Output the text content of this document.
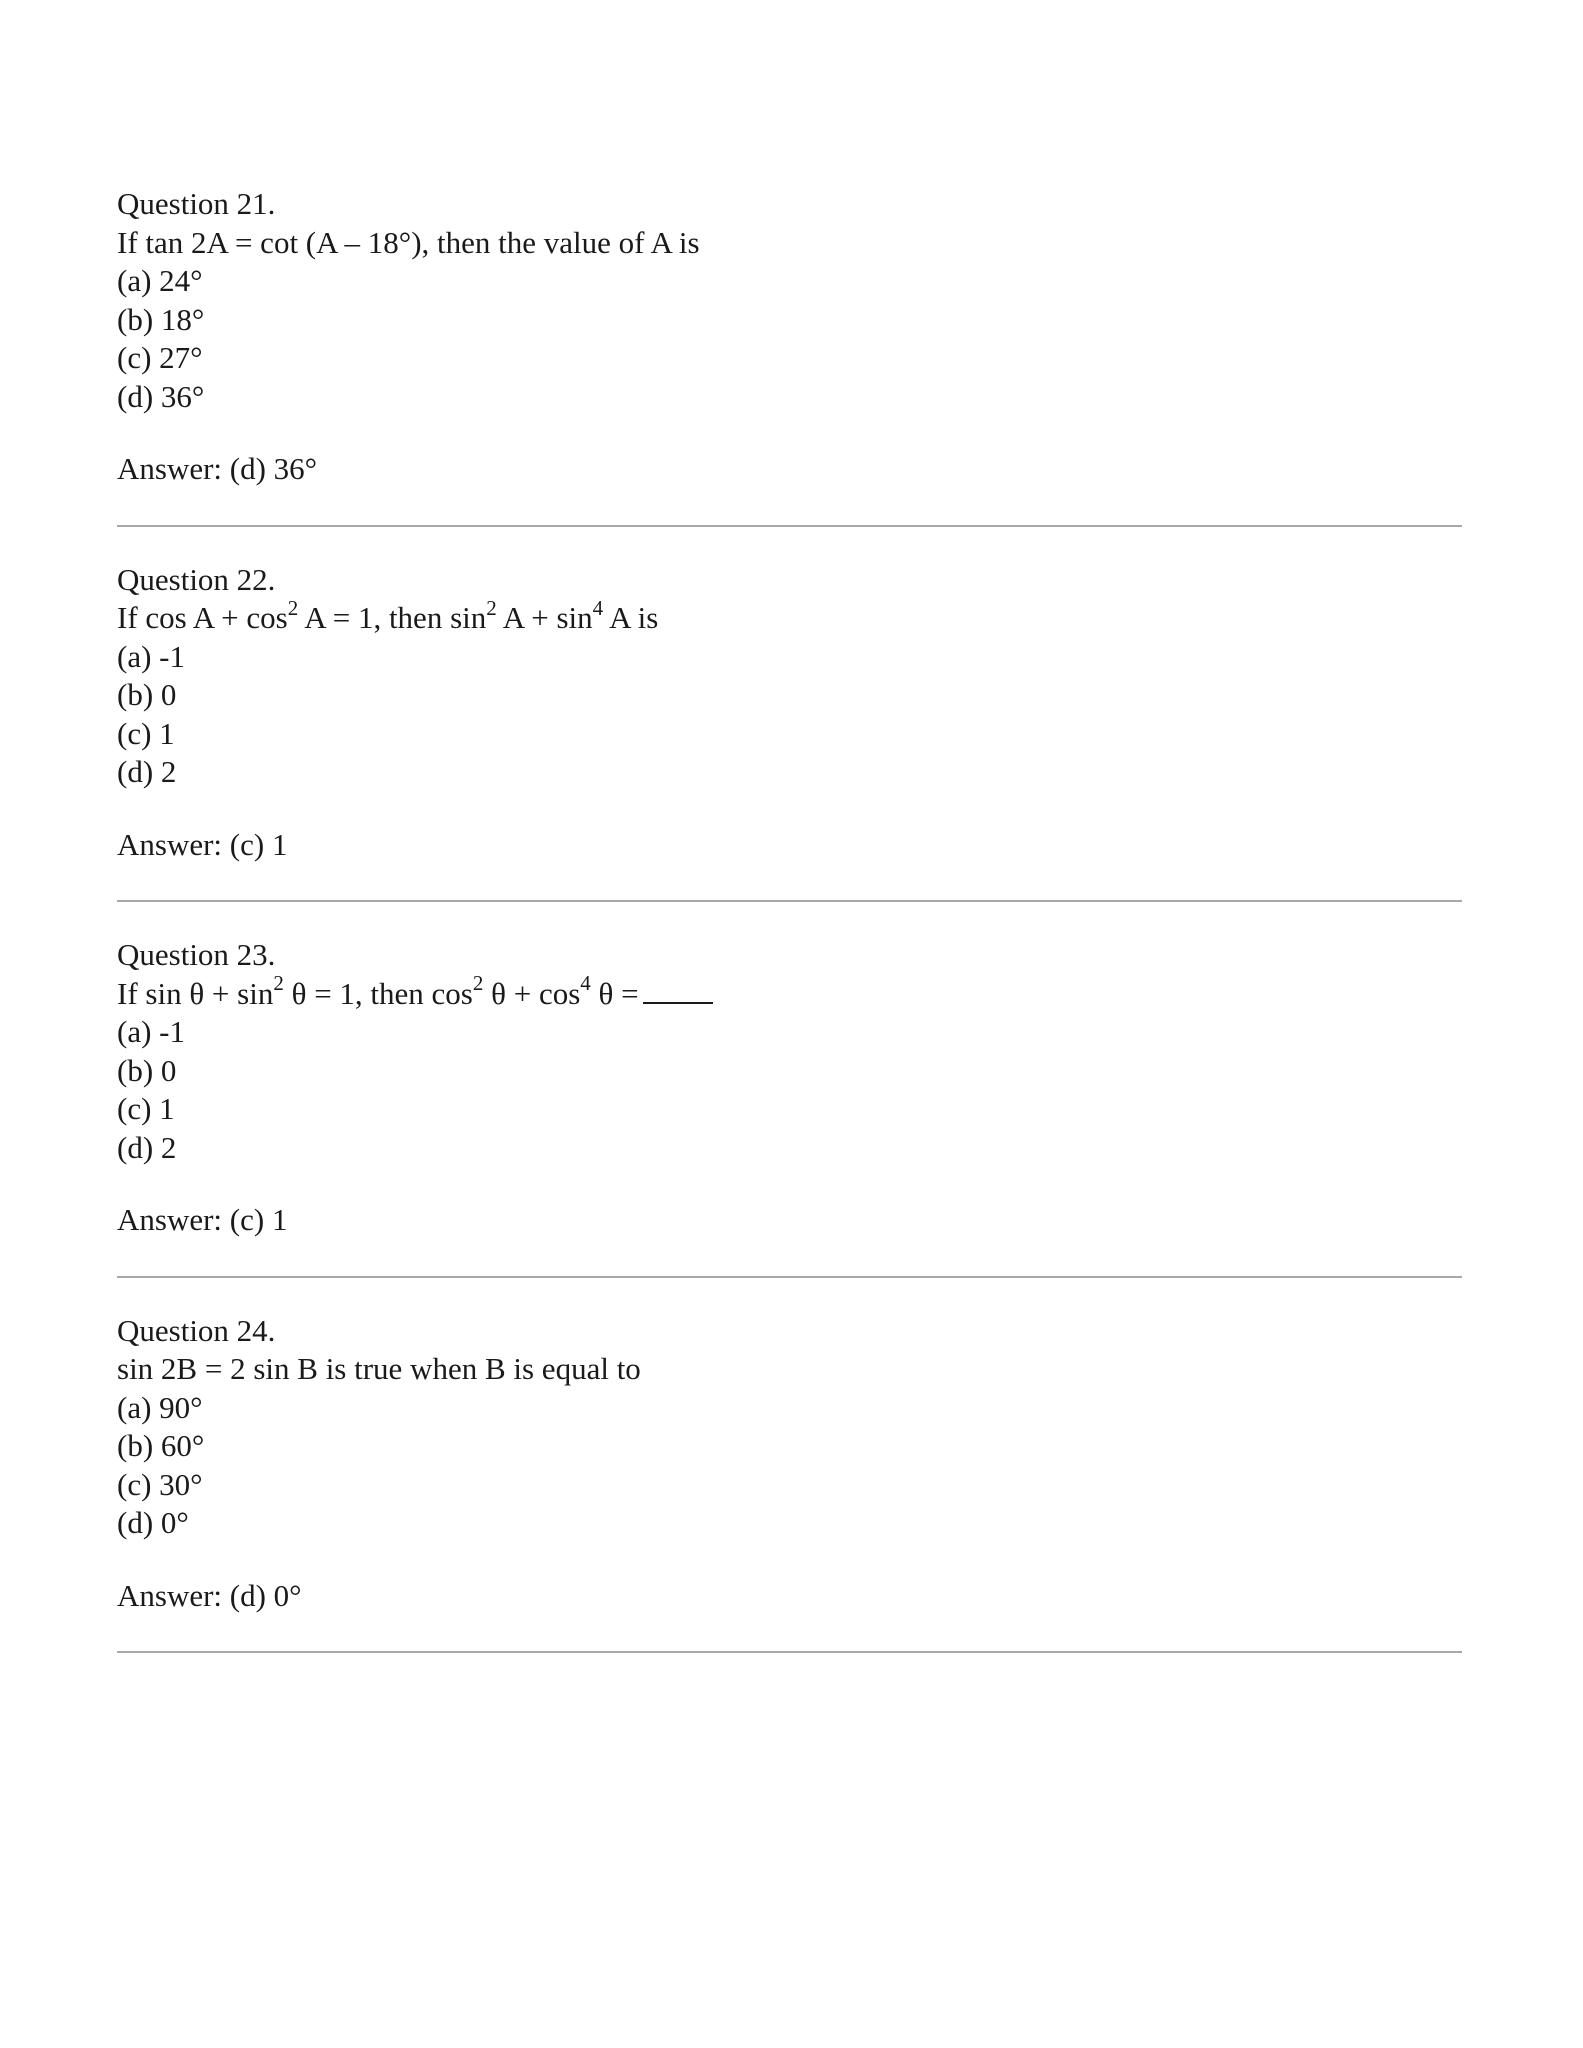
Question 21.
If tan 2A = cot (A – 18°), then the value of A is
(a) 24°
(b) 18°
(c) 27°
(d) 36°
Answer: (d) 36°
Question 22.
If $\cos A + \cos^2 A = 1$, then $\sin^2 A + \sin^4 A$ is
(a) -1
(b) 0
(c) 1
(d) 2
Answer: (c) 1
Question 23.
If $\sin \theta + \sin^2 \theta = 1$, then $\cos^2 \theta + \cos^4 \theta$ =
(a) -1
(b) 0
(c) 1
(d) 2
Answer: (c) 1
Question 24.
sin 2B = 2 sin B is true when B is equal to
(a) 90°
(b) 60°
(c) 30°
(d) 0°
Answer: (d) 0°
